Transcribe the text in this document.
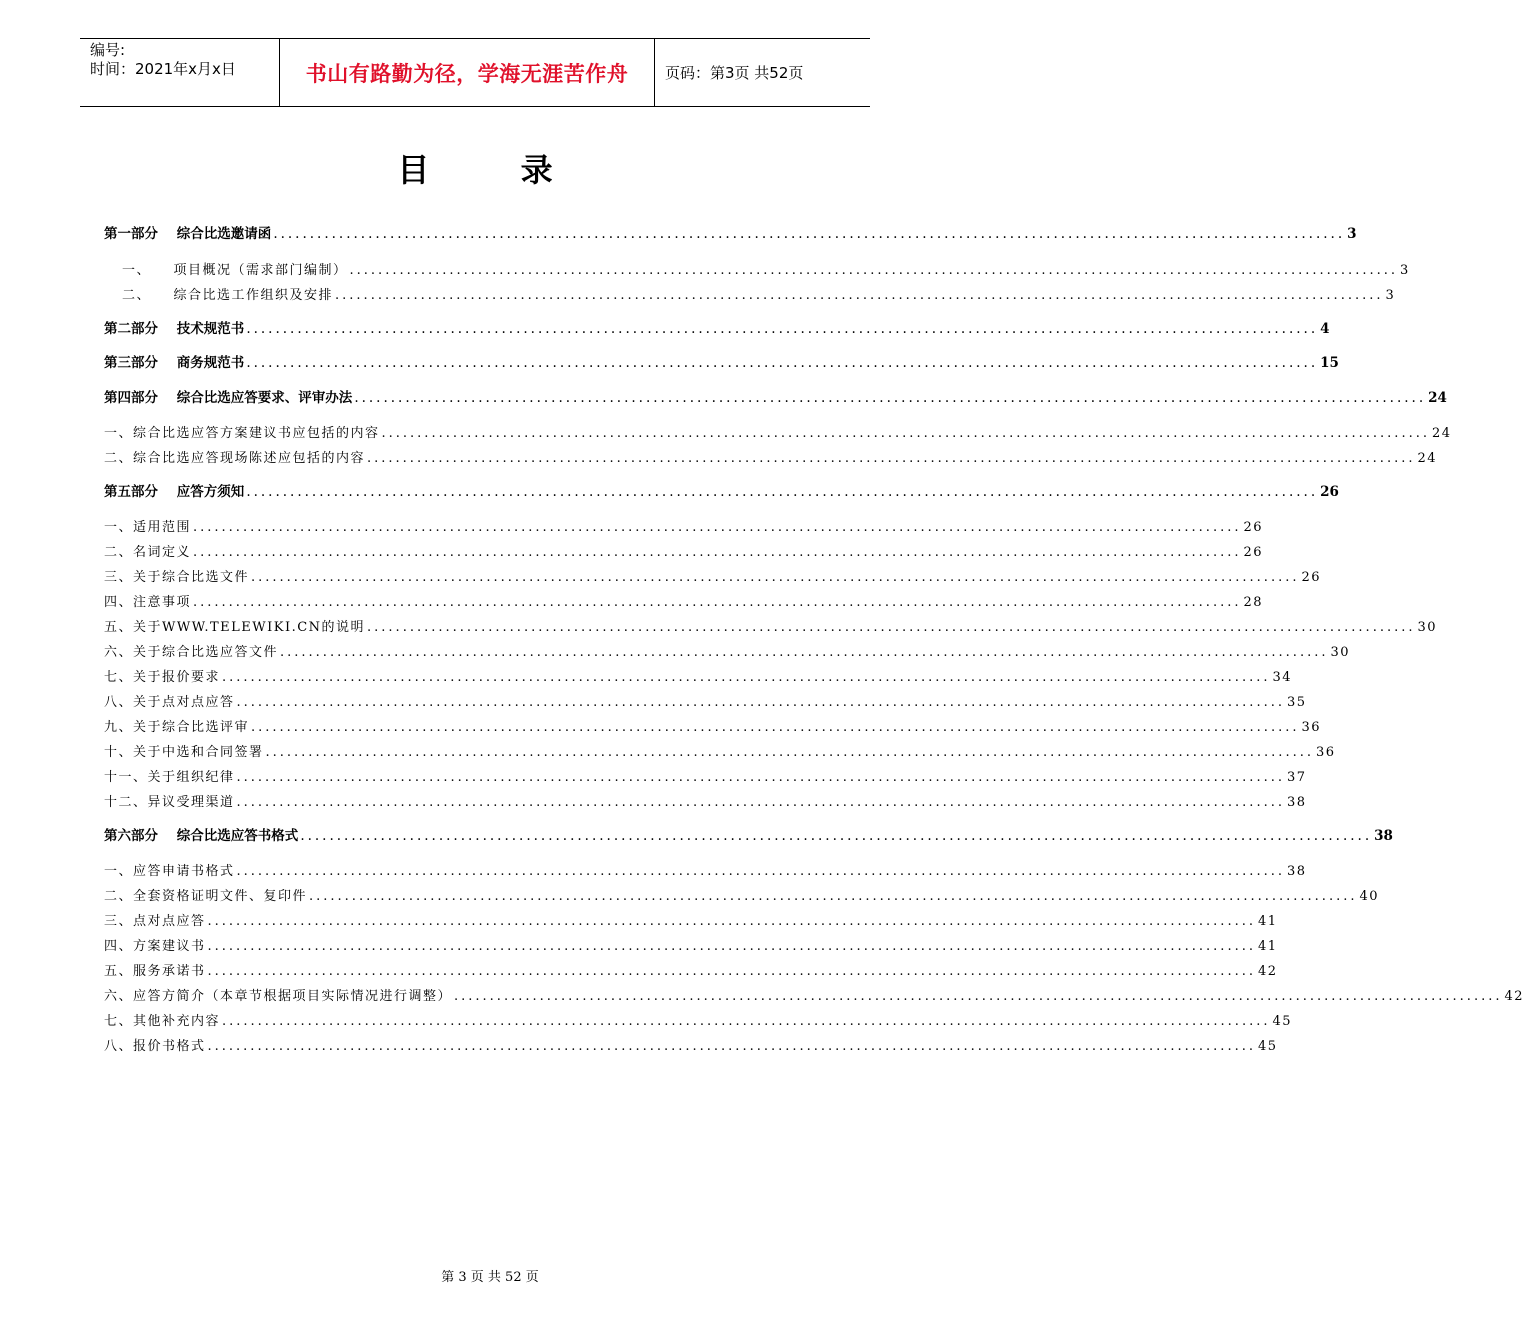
编号:
时间：2021年x月x日	书山有路勤为径，学海无涯苦作舟 页码：第3页 共52页
目 录
第一部分    综合比选邀请函 ................................................................................................................................................... 3
一、    项目概况（需求部门编制） ................................................................................................................................................... 3
二、    综合比选工作组织及安排 ................................................................................................................................................... 3
第二部分    技术规范书 ................................................................................................................................................... 4
第三部分    商务规范书 ................................................................................................................................................... 15
第四部分    综合比选应答要求、评审办法 ................................................................................................................................................... 24
一、综合比选应答方案建议书应包括的内容 ................................................................................................................................................... 24
二、综合比选应答现场陈述应包括的内容 ................................................................................................................................................... 24
第五部分    应答方须知 ................................................................................................................................................... 26
一、适用范围 ................................................................................................................................................... 26
二、名词定义 ................................................................................................................................................... 26
三、关于综合比选文件 ................................................................................................................................................... 26
四、注意事项 ................................................................................................................................................... 28
五、关于WWW.TELEWIKI.CN的说明 ................................................................................................................................................... 30
六、关于综合比选应答文件 ................................................................................................................................................... 30
七、关于报价要求 ................................................................................................................................................... 34
八、关于点对点应答 ................................................................................................................................................... 35
九、关于综合比选评审 ................................................................................................................................................... 36
十、关于中选和合同签署 ................................................................................................................................................... 36
十一、关于组织纪律 ................................................................................................................................................... 37
十二、异议受理渠道 ................................................................................................................................................... 38
第六部分    综合比选应答书格式 ................................................................................................................................................... 38
一、应答申请书格式 ................................................................................................................................................... 38
二、全套资格证明文件、复印件 ................................................................................................................................................... 40
三、点对点应答 ................................................................................................................................................... 41
四、方案建议书 ................................................................................................................................................... 41
五、服务承诺书 ................................................................................................................................................... 42
六、应答方简介（本章节根据项目实际情况进行调整） ................................................................................................................................................... 42
七、其他补充内容 ................................................................................................................................................... 45
八、报价书格式 ................................................................................................................................................... 45
第 3 页 共 52 页
